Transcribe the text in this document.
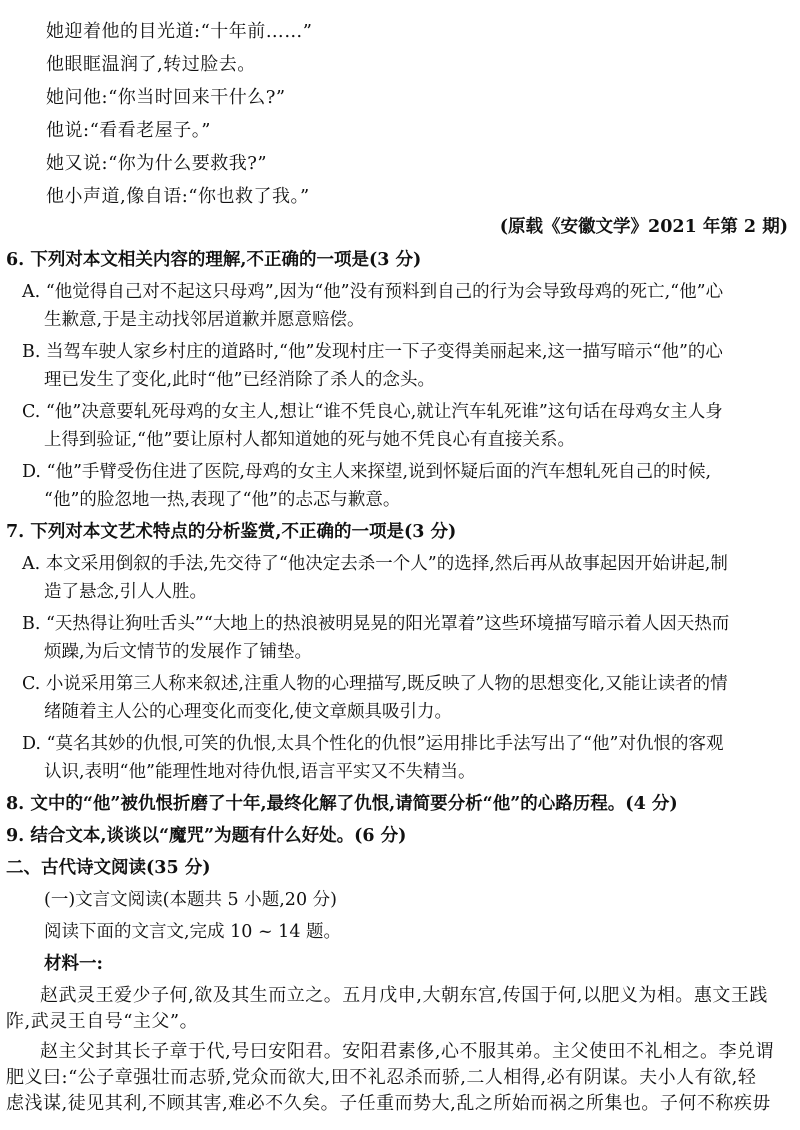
她迎着他的目光道:“十年前……”
他眼眶温润了,转过脸去。
她问他:“你当时回来干什么?”
他说:“看看老屋子。”
她又说:“你为什么要救我?”
他小声道,像自语:“你也救了我。”
(原载《安徽文学》2021 年第 2 期)
6. 下列对本文相关内容的理解,不正确的一项是(3 分)
A. “他觉得自己对不起这只母鸡”,因为“他”没有预料到自己的行为会导致母鸡的死亡,“他”心
生歉意,于是主动找邻居道歉并愿意赔偿。
B. 当驾车驶人家乡村庄的道路时,“他”发现村庄一下子变得美丽起来,这一描写暗示“他”的心
理已发生了变化,此时“他”已经消除了杀人的念头。
C. “他”决意要轧死母鸡的女主人,想让“谁不凭良心,就让汽车轧死谁”这句话在母鸡女主人身
上得到验证,“他”要让原村人都知道她的死与她不凭良心有直接关系。
D. “他”手臂受伤住进了医院,母鸡的女主人来探望,说到怀疑后面的汽车想轧死自己的时候,
“他”的脸忽地一热,表现了“他”的忐忑与歉意。
7. 下列对本文艺术特点的分析鉴赏,不正确的一项是(3 分)
A. 本文采用倒叙的手法,先交待了“他决定去杀一个人”的选择,然后再从故事起因开始讲起,制
造了悬念,引人人胜。
B. “天热得让狗吐舌头”“大地上的热浪被明晃晃的阳光罩着”这些环境描写暗示着人因天热而
烦躁,为后文情节的发展作了铺垫。
C. 小说采用第三人称来叙述,注重人物的心理描写,既反映了人物的思想变化,又能让读者的情
绪随着主人公的心理变化而变化,使文章颇具吸引力。
D. “莫名其妙的仇恨,可笑的仇恨,太具个性化的仇恨”运用排比手法写出了“他”对仇恨的客观
认识,表明“他”能理性地对待仇恨,语言平实又不失精当。
8. 文中的“他”被仇恨折磨了十年,最终化解了仇恨,请简要分析“他”的心路历程。(4 分)
9. 结合文本,谈谈以“魔咒”为题有什么好处。(6 分)
二、古代诗文阅读(35 分)
(一)文言文阅读(本题共 5 小题,20 分)
阅读下面的文言文,完成 10 ~ 14 题。
材料一:
赵武灵王爱少子何,欲及其生而立之。五月戊申,大朝东宫,传国于何,以肥义为相。惠文王践
阼,武灵王自号“主父”。
赵主父封其长子章于代,号曰安阳君。安阳君素侈,心不服其弟。主父使田不礼相之。李兑谓
肥义曰:“公子章强壮而志骄,党众而欲大,田不礼忍杀而骄,二人相得,必有阴谋。夫小人有欲,轻
虑浅谋,徒见其利,不顾其害,难必不久矣。子任重而势大,乱之所始而祸之所集也。子何不称疾毋
